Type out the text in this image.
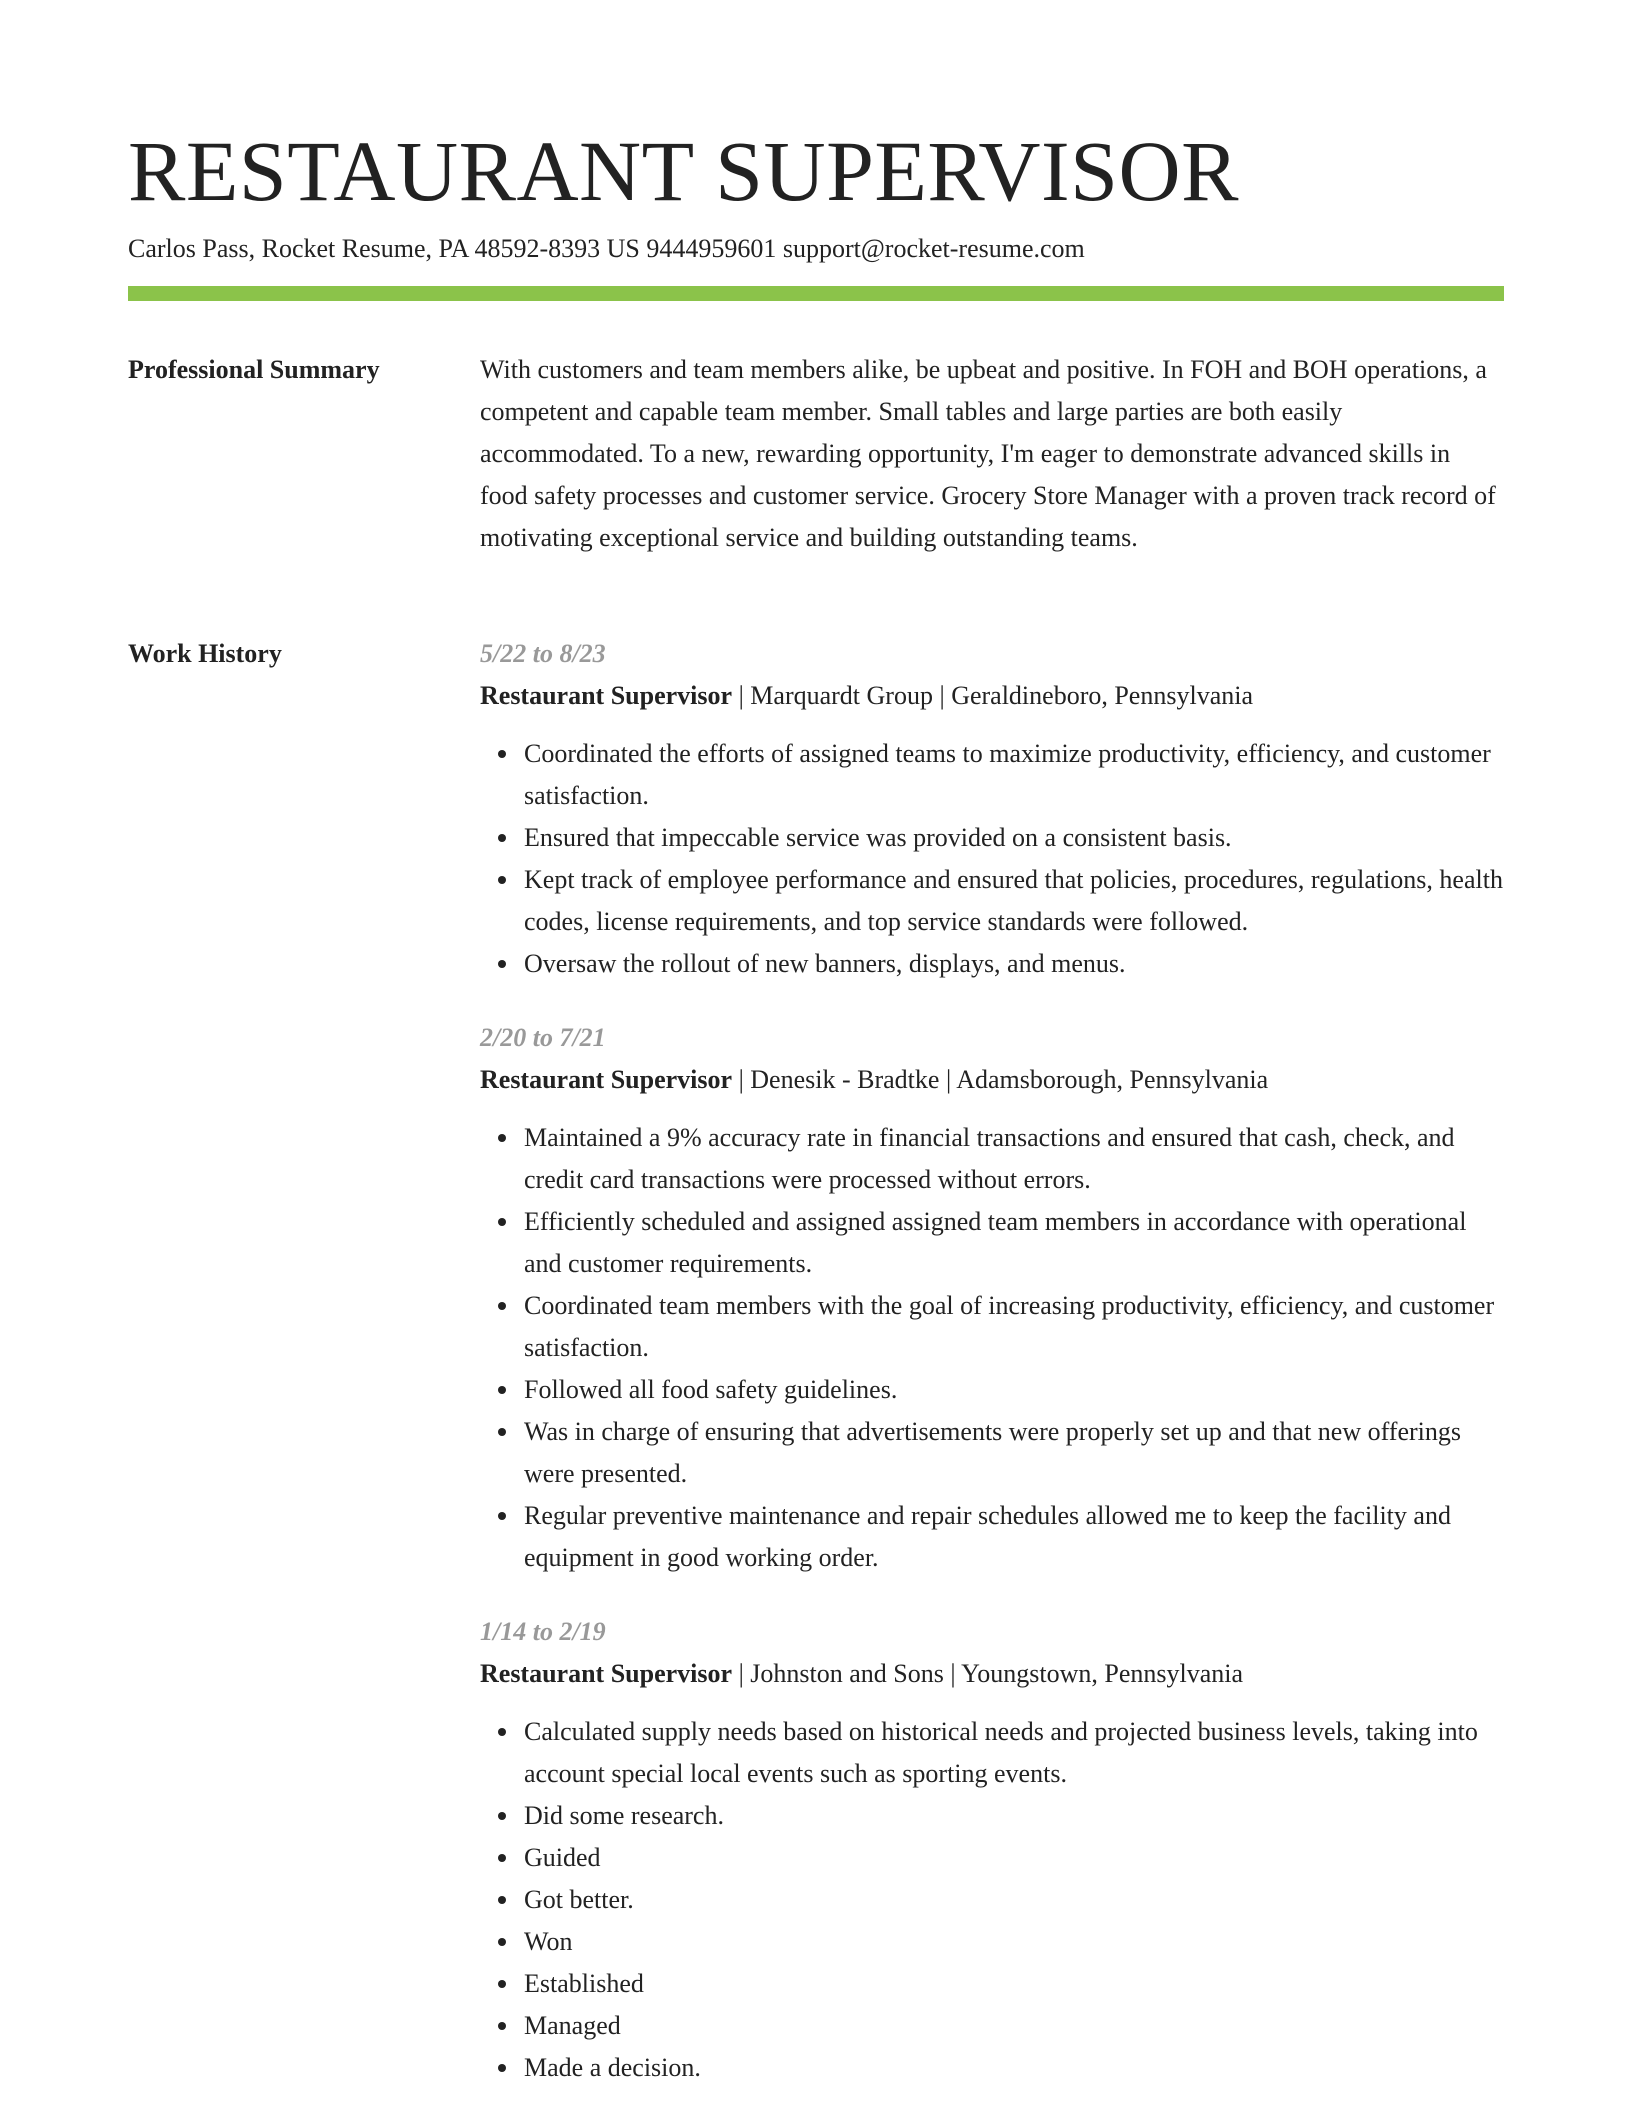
RESTAURANT SUPERVISOR
Carlos Pass, Rocket Resume, PA 48592-8393 US 9444959601 support@rocket-resume.com
Professional Summary	With customers and team members alike, be upbeat and positive. In FOH and BOH operations, a competent and capable team member. Small tables and large parties are both easily accommodated. To a new, rewarding opportunity, I'm eager to demonstrate advanced skills in food safety processes and customer service. Grocery Store Manager with a proven track record of motivating exceptional service and building outstanding teams.

Work History	5/22 to 8/23
Restaurant Supervisor | Marquardt Group | Geraldineboro, Pennsylvania
Coordinated the efforts of assigned teams to maximize productivity, efficiency, and customer satisfaction.
Ensured that impeccable service was provided on a consistent basis.
Kept track of employee performance and ensured that policies, procedures, regulations, health codes, license requirements, and top service standards were followed.
Oversaw the rollout of new banners, displays, and menus.
2/20 to 7/21
Restaurant Supervisor | Denesik - Bradtke | Adamsborough, Pennsylvania
Maintained a 9% accuracy rate in financial transactions and ensured that cash, check, and credit card transactions were processed without errors.
Efficiently scheduled and assigned assigned team members in accordance with operational and customer requirements.
Coordinated team members with the goal of increasing productivity, efficiency, and customer satisfaction.
Followed all food safety guidelines.
Was in charge of ensuring that advertisements were properly set up and that new offerings were presented.
Regular preventive maintenance and repair schedules allowed me to keep the facility and equipment in good working order.
1/14 to 2/19
Restaurant Supervisor | Johnston and Sons | Youngstown, Pennsylvania
Calculated supply needs based on historical needs and projected business levels, taking into account special local events such as sporting events.
Did some research.
Guided
Got better.
Won
Established
Managed
Made a decision.
